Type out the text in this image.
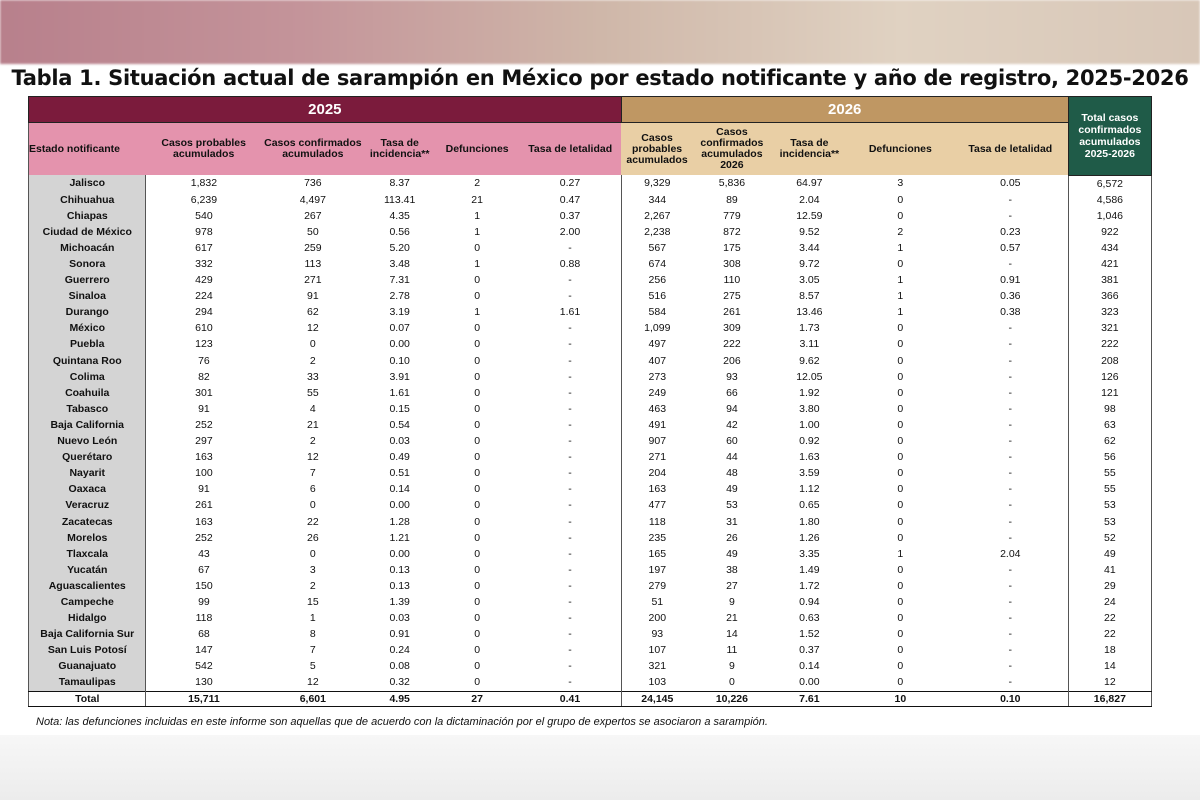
Tabla 1. Situación actual de sarampión en México por estado notificante y año de registro, 2025-2026
2025						2026					Total casos confirmados acumulados 2025-2026
Estado notificante	Casos probables acumulados	Casos confirmados acumulados	Tasa de incidencia**	Defunciones	Tasa de letalidad	Casos probables acumulados	Casos confirmados acumulados 2026	Tasa de incidencia**	Defunciones	Tasa de letalidad	
Jalisco	1,832	736	8.37	2	0.27	9,329	5,836	64.97	3	0.05	6,572
Chihuahua	6,239	4,497	113.41	21	0.47	344	89	2.04	0	-	4,586
Chiapas	540	267	4.35	1	0.37	2,267	779	12.59	0	-	1,046
Ciudad de México	978	50	0.56	1	2.00	2,238	872	9.52	2	0.23	922
Michoacán	617	259	5.20	0	-	567	175	3.44	1	0.57	434
Sonora	332	113	3.48	1	0.88	674	308	9.72	0	-	421
Guerrero	429	271	7.31	0	-	256	110	3.05	1	0.91	381
Sinaloa	224	91	2.78	0	-	516	275	8.57	1	0.36	366
Durango	294	62	3.19	1	1.61	584	261	13.46	1	0.38	323
México	610	12	0.07	0	-	1,099	309	1.73	0	-	321
Puebla	123	0	0.00	0	-	497	222	3.11	0	-	222
Quintana Roo	76	2	0.10	0	-	407	206	9.62	0	-	208
Colima	82	33	3.91	0	-	273	93	12.05	0	-	126
Coahuila	301	55	1.61	0	-	249	66	1.92	0	-	121
Tabasco	91	4	0.15	0	-	463	94	3.80	0	-	98
Baja California	252	21	0.54	0	-	491	42	1.00	0	-	63
Nuevo León	297	2	0.03	0	-	907	60	0.92	0	-	62
Querétaro	163	12	0.49	0	-	271	44	1.63	0	-	56
Nayarit	100	7	0.51	0	-	204	48	3.59	0	-	55
Oaxaca	91	6	0.14	0	-	163	49	1.12	0	-	55
Veracruz	261	0	0.00	0	-	477	53	0.65	0	-	53
Zacatecas	163	22	1.28	0	-	118	31	1.80	0	-	53
Morelos	252	26	1.21	0	-	235	26	1.26	0	-	52
Tlaxcala	43	0	0.00	0	-	165	49	3.35	1	2.04	49
Yucatán	67	3	0.13	0	-	197	38	1.49	0	-	41
Aguascalientes	150	2	0.13	0	-	279	27	1.72	0	-	29
Campeche	99	15	1.39	0	-	51	9	0.94	0	-	24
Hidalgo	118	1	0.03	0	-	200	21	0.63	0	-	22
Baja California Sur	68	8	0.91	0	-	93	14	1.52	0	-	22
San Luis Potosí	147	7	0.24	0	-	107	11	0.37	0	-	18
Guanajuato	542	5	0.08	0	-	321	9	0.14	0	-	14
Tamaulipas	130	12	0.32	0	-	103	0	0.00	0	-	12
Total	15,711	6,601	4.95	27	0.41	24,145	10,226	7.61	10	0.10	16,827
Nota: las defunciones incluidas en este informe son aquellas que de acuerdo con la dictaminación por el grupo de expertos se asociaron a sarampión.
